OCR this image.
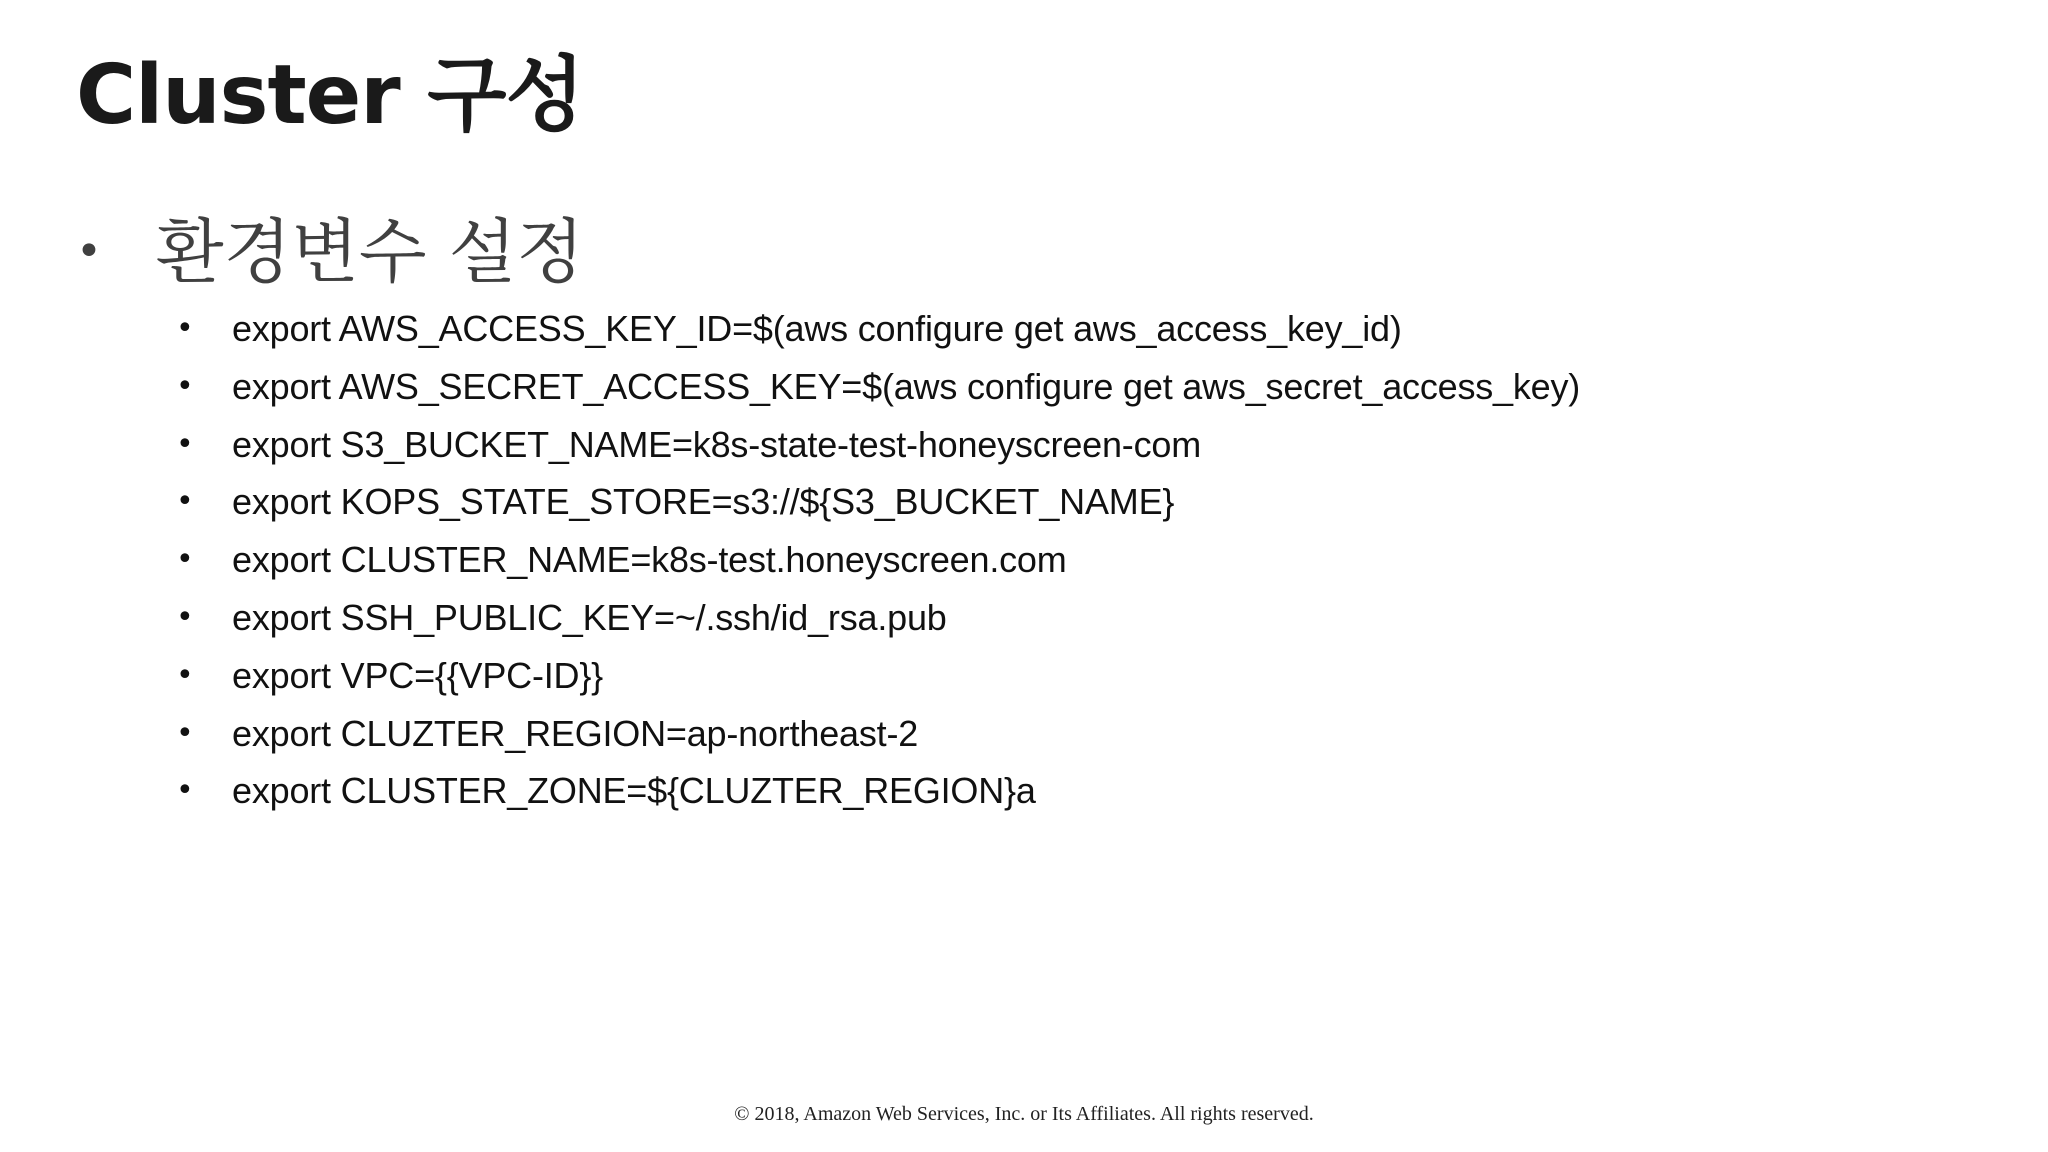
Cluster 구성
• 환경변수 설정
•	export AWS_ACCESS_KEY_ID=$(aws configure get aws_access_key_id)
•	export AWS_SECRET_ACCESS_KEY=$(aws configure get aws_secret_access_key)
•	export S3_BUCKET_NAME=k8s-state-test-honeyscreen-com
•	export KOPS_STATE_STORE=s3://${S3_BUCKET_NAME}
•	export CLUSTER_NAME=k8s-test.honeyscreen.com
•	export SSH_PUBLIC_KEY=~/.ssh/id_rsa.pub
•	export VPC={{VPC-ID}}
•	export CLUZTER_REGION=ap-northeast-2
•	export CLUSTER_ZONE=${CLUZTER_REGION}a
© 2018, Amazon Web Services, Inc. or Its Affiliates. All rights reserved.
